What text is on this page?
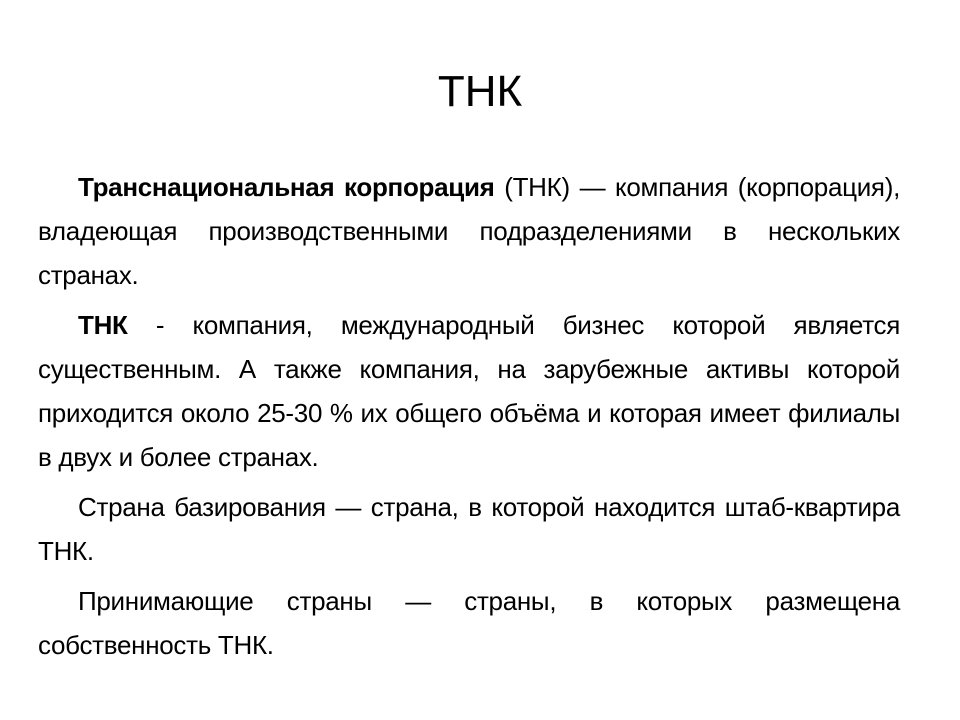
ТНК

Транснациональная корпорация (ТНК) — компания (корпорация), владеющая производственными подразделениями в нескольких странах.

ТНК - компания, международный бизнес которой является существенным. А также компания, на зарубежные активы которой приходится около 25-30 % их общего объёма и которая имеет филиалы в двух и более странах.

Страна базирования — страна, в которой находится штаб-квартира ТНК.

Принимающие страны — страны, в которых размещена собственность ТНК.
